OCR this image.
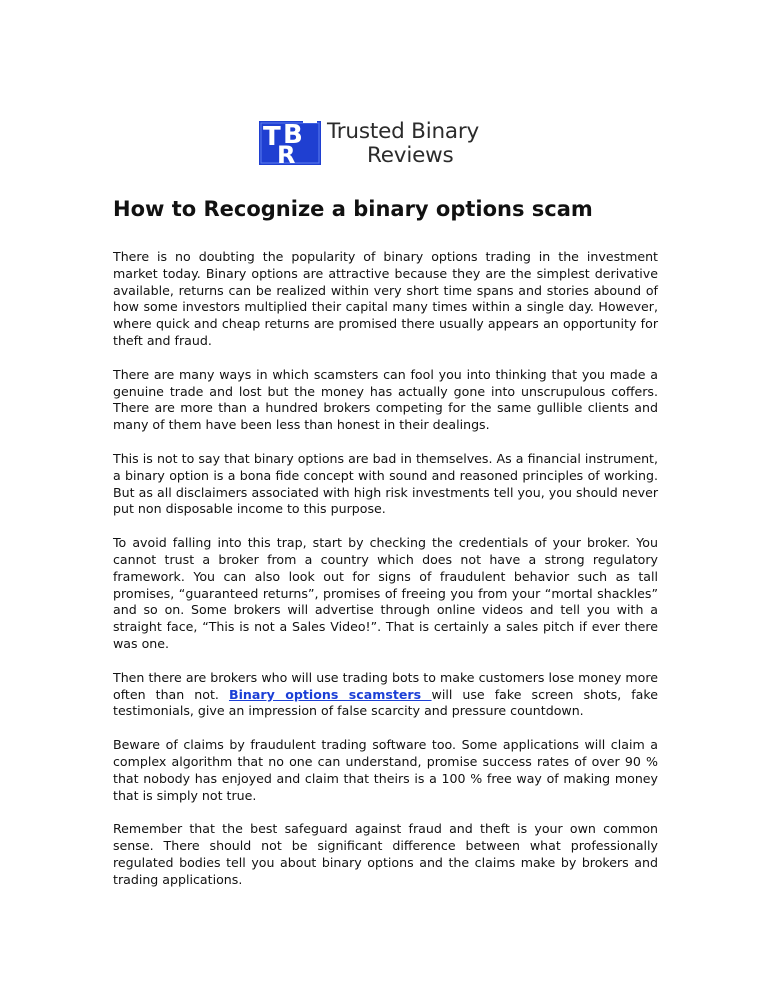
T B
R
Trusted Binary
Reviews
How to Recognize a binary options scam

There is no doubting the popularity of binary options trading in the investment market today. Binary options are attractive because they are the simplest derivative available, returns can be realized within very short time spans and stories abound of how some investors multiplied their capital many times within a single day. However, where quick and cheap returns are promised there usually appears an opportunity for theft and fraud.

There are many ways in which scamsters can fool you into thinking that you made a genuine trade and lost but the money has actually gone into unscrupulous coffers. There are more than a hundred brokers competing for the same gullible clients and many of them have been less than honest in their dealings.

This is not to say that binary options are bad in themselves. As a financial instrument, a binary option is a bona fide concept with sound and reasoned principles of working. But as all disclaimers associated with high risk investments tell you, you should never put non disposable income to this purpose.

To avoid falling into this trap, start by checking the credentials of your broker. You cannot trust a broker from a country which does not have a strong regulatory framework. You can also look out for signs of fraudulent behavior such as tall promises, “guaranteed returns”, promises of freeing you from your “mortal shackles” and so on. Some brokers will advertise through online videos and tell you with a straight face, “This is not a Sales Video!”. That is certainly a sales pitch if ever there was one.

Then there are brokers who will use trading bots to make customers lose money more often than not. Binary options scamsters will use fake screen shots, fake testimonials, give an impression of false scarcity and pressure countdown.

Beware of claims by fraudulent trading software too. Some applications will claim a complex algorithm that no one can understand, promise success rates of over 90 % that nobody has enjoyed and claim that theirs is a 100 % free way of making money that is simply not true.

Remember that the best safeguard against fraud and theft is your own common sense. There should not be significant difference between what professionally regulated bodies tell you about binary options and the claims make by brokers and trading applications.
